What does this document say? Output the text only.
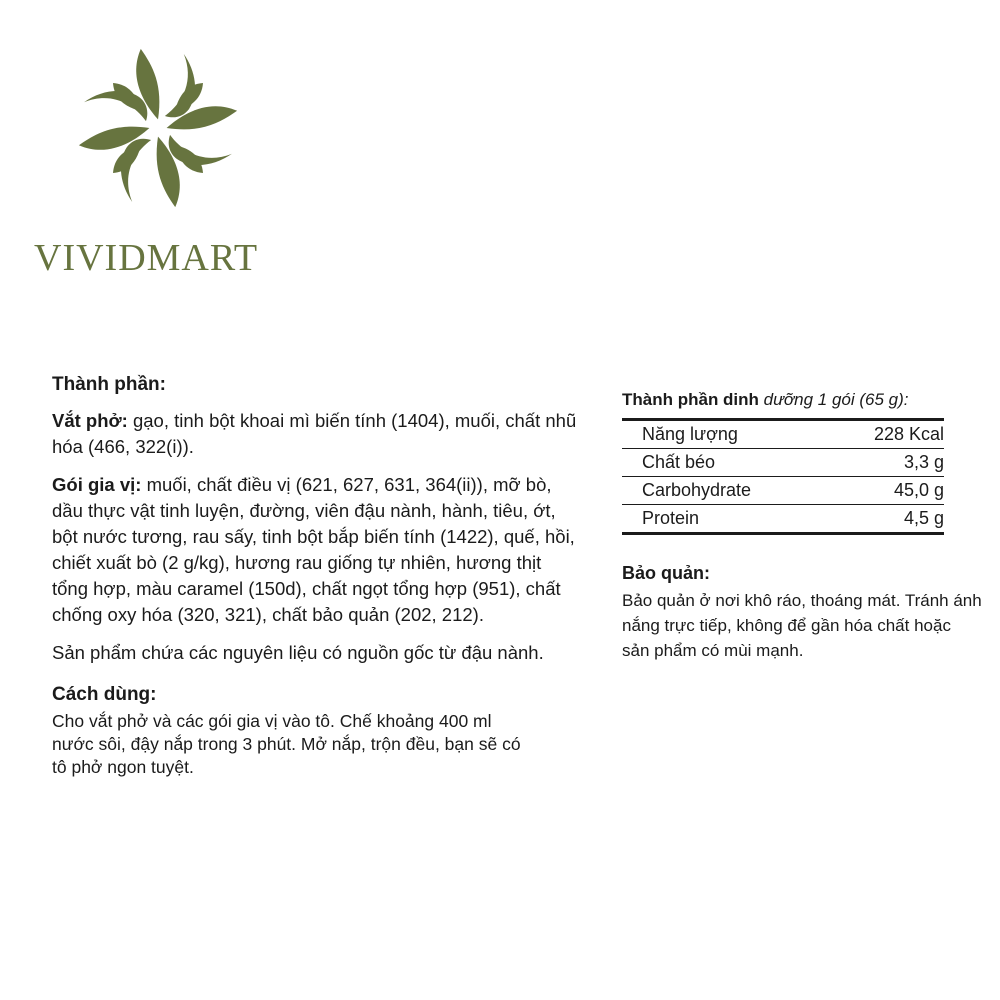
VIVIDMART

Thành phần:

Vắt phở: gạo, tinh bột khoai mì biến tính (1404), muối, chất nhũ hóa (466, 322(i)).

Gói gia vị: muối, chất điều vị (621, 627, 631, 364(ii)), mỡ bò, dầu thực vật tinh luyện, đường, viên đậu nành, hành, tiêu, ớt, bột nước tương, rau sấy, tinh bột bắp biến tính (1422), quế, hồi, chiết xuất bò (2 g/kg), hương rau giống tự nhiên, hương thịt tổng hợp, màu caramel (150d), chất ngọt tổng hợp (951), chất chống oxy hóa (320, 321), chất bảo quản (202, 212).

Sản phẩm chứa các nguyên liệu có nguồn gốc từ đậu nành.

Cách dùng:

Cho vắt phở và các gói gia vị vào tô. Chế khoảng 400 ml
nước sôi, đậy nắp trong 3 phút. Mở nắp, trộn đều, bạn sẽ có
tô phở ngon tuyệt.
Thành phần dinh dưỡng 1 gói (65 g):
Năng lượng	228 Kcal
Chất béo	3,3 g
Carbohydrate	45,0 g
Protein	4,5 g
Bảo quản:
Bảo quản ở nơi khô ráo, thoáng mát. Tránh ánh
nắng trực tiếp, không để gần hóa chất hoặc
sản phẩm có mùi mạnh.
